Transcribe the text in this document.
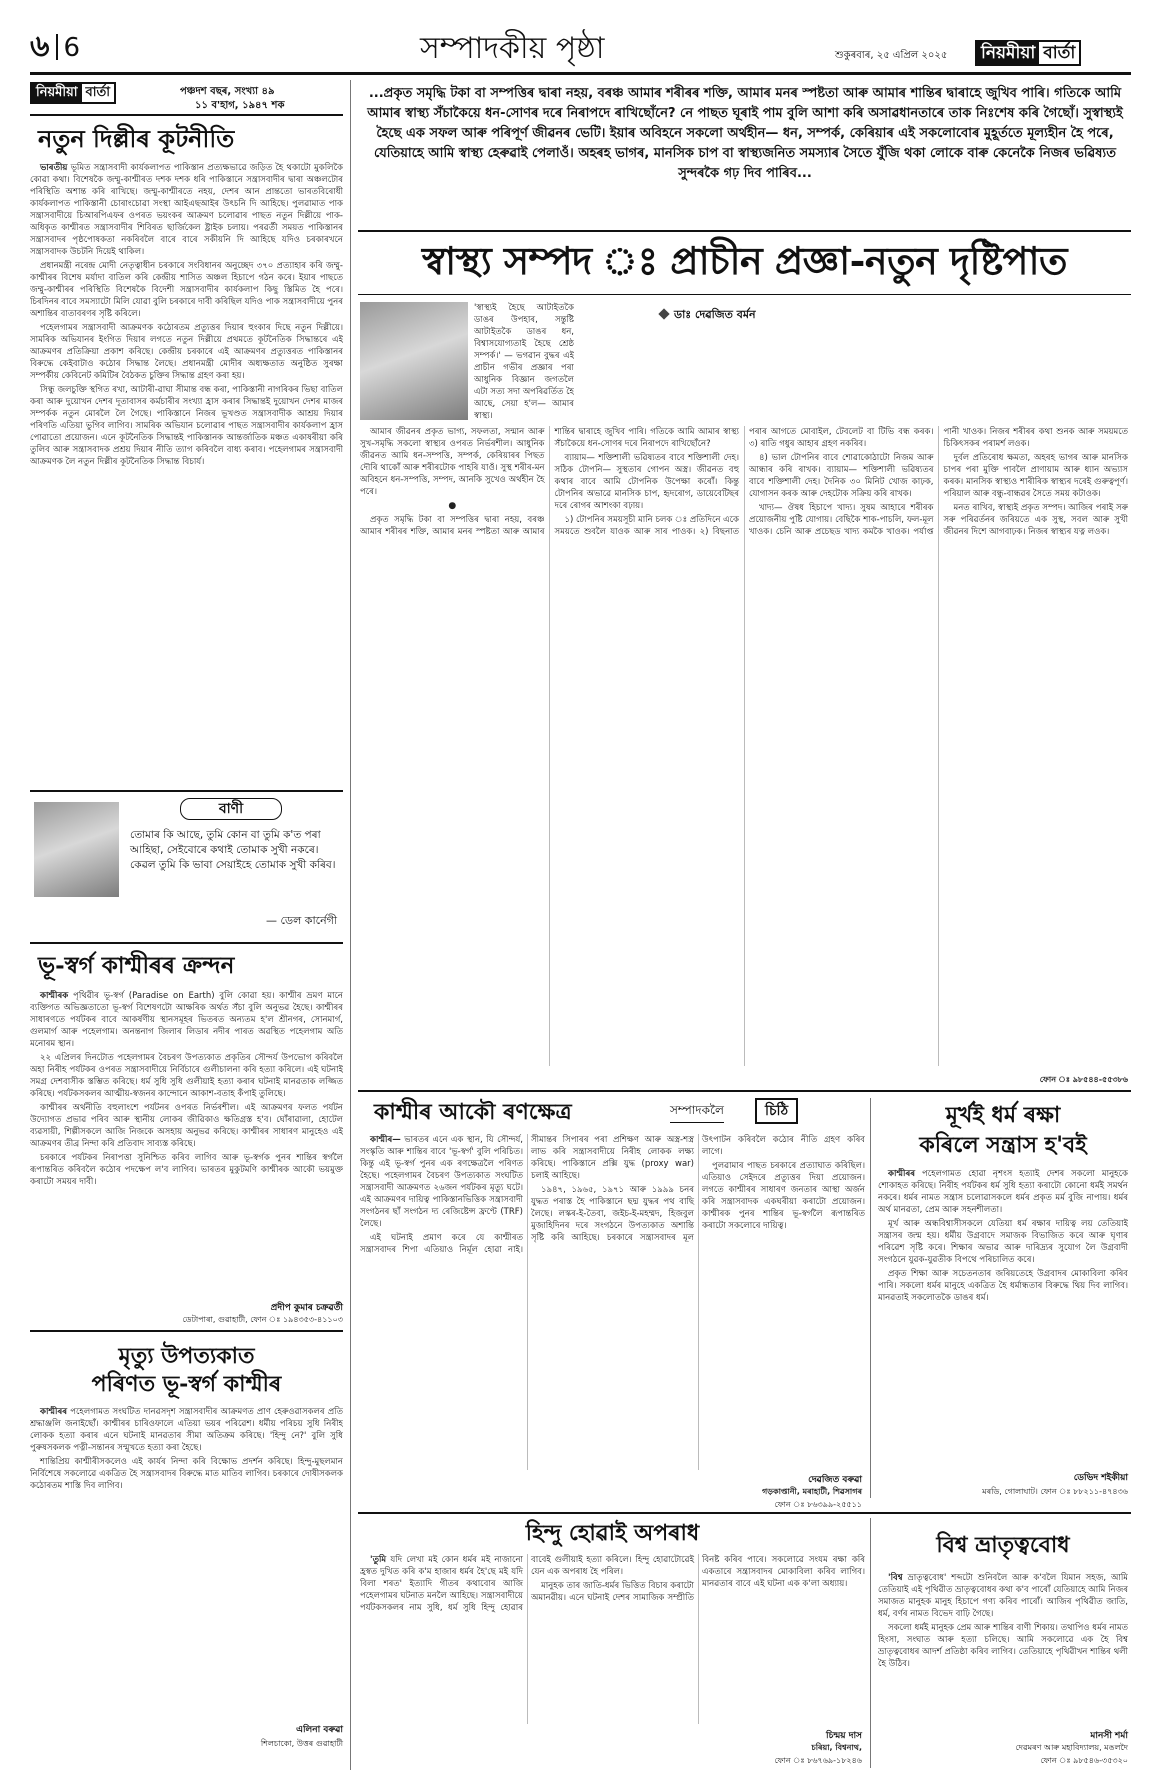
৬ 6	সম্পাদকীয় পৃষ্ঠা	শুকুৰবাৰ, ২৫ এপ্ৰিল ২০২৫ নিয়মীয়া বাৰ্তা
নিয়মীয়া বাৰ্তা	পঞ্চদশ বছৰ, সংখ্যা ৪৯
১১ ব'হাগ, ১৯৪৭ শক
নতুন দিল্লীৰ কূটনীতি

ভাৰতীয় ভূমিত সন্ত্ৰাসবাদী কাৰ্যকলাপত পাকিস্তান প্ৰত্যক্ষভাৱে জড়িত হৈ থকাটো মুকলিকৈ কোৱা কথা। বিশেষকৈ জম্মু-কাশ্মীৰত দশক দশক ধৰি পাকিস্তানে সন্ত্ৰাসবাদীৰ দ্বাৰা অঞ্চলটোৰ পৰিস্থিতি অশান্ত কৰি ৰাখিছে। জম্মু-কাশ্মীৰতে নহয়, দেশৰ আন প্ৰান্ততো ভাৰতবিৰোধী কাৰ্যকলাপত পাকিস্তানী চোৰাংচোৱা সংস্থা আইএছআইৰ উৎচনি দি আহিছে। পুলৱামাত পাক সন্ত্ৰাসবাদীয়ে চিআৰপিএফৰ ওপৰত ভয়ংকৰ আক্ৰমণ চলোৱাৰ পাছত নতুন দিল্লীয়ে পাক-অধিকৃত কাশ্মীৰত সন্ত্ৰাসবাদীৰ শিবিৰত ছাৰ্জিকেল ষ্ট্ৰাইক চলায়। পৰৱৰ্তী সময়ত পাকিস্তানৰ সন্ত্ৰাসবাদৰ পৃষ্ঠপোষকতা নকৰিবলৈ বাৰে বাৰে সকীয়নি দি আহিছে যদিও চৰকাৰখনে সন্ত্ৰাসবাদক উচটনি দিয়েই থাকিল।

প্ৰধানমন্ত্ৰী নৰেন্দ্ৰ মোদী নেতৃত্বাধীন চৰকাৰে সংবিধানৰ অনুচ্ছেদ ৩৭০ প্ৰত্যাহাৰ কৰি জম্মু-কাশ্মীৰৰ বিশেষ মৰ্যাদা বাতিল কৰি কেন্দ্ৰীয় শাসিত অঞ্চল হিচাপে গঠন কৰে। ইয়াৰ পাছতে জম্মু-কাশ্মীৰৰ পৰিস্থিতি বিশেষকৈ বিদেশী সন্ত্ৰাসবাদীৰ কাৰ্যকলাপ কিছু স্তিমিত হৈ পৰে। চিৰদিনৰ বাবে সমস্যাটো মিলি যোৱা বুলি চৰকাৰে দাবী কৰিছিল যদিও পাক সন্ত্ৰাসবাদীয়ে পুনৰ অশান্তিৰ বাতাবৰণৰ সৃষ্টি কৰিলে।

পহেলগামৰ সন্ত্ৰাসবাদী আক্ৰমণক কঠোৰতম প্ৰত্যুত্তৰ দিয়াৰ হুংকাৰ দিছে নতুন দিল্লীয়ে। সামৰিক অভিযানৰ ইংগিত দিয়াৰ লগতে নতুন দিল্লীয়ে প্ৰথমতে কূটনৈতিক সিদ্ধান্তৰে এই আক্ৰমণৰ প্ৰতিক্ৰিয়া প্ৰকাশ কৰিছে। কেন্দ্ৰীয় চৰকাৰে এই আক্ৰমণৰ প্ৰত্যুত্তৰত পাকিস্তানৰ বিৰুদ্ধে কেইবাটাও কঠোৰ সিদ্ধান্ত লৈছে। প্ৰধানমন্ত্ৰী মোদীৰ অধ্যক্ষতাত অনুষ্ঠিত সুৰক্ষা সম্পৰ্কীয় কেবিনেট কমিটিৰ বৈঠকত চুক্তিৰ সিদ্ধান্ত গ্ৰহণ কৰা হয়।

সিন্ধু জলচুক্তি স্থগিত ৰখা, আটাৰী-ৱাঘা সীমান্ত বন্ধ কৰা, পাকিস্তানী নাগৰিকৰ ভিছা বাতিল কৰা আৰু দুয়োখন দেশৰ দূতাবাসৰ কৰ্মচাৰীৰ সংখ্যা হ্ৰাস কৰাৰ সিদ্ধান্তই দুয়োখন দেশৰ মাজৰ সম্পৰ্কক নতুন মোৰলৈ লৈ গৈছে। পাকিস্তানে নিজৰ ভূখণ্ডত সন্ত্ৰাসবাদীক আশ্ৰয় দিয়াৰ পৰিণতি এতিয়া ভুগিব লাগিব। সামৰিক অভিযান চলোৱাৰ পাছত সন্ত্ৰাসবাদীৰ কাৰ্যকলাপ হ্ৰাস পোৱাতো প্ৰয়োজন। এনে কূটনৈতিক সিদ্ধান্তই পাকিস্তানক আন্তৰ্জাতিক মঞ্চত একাষৰীয়া কৰি তুলিব আৰু সন্ত্ৰাসবাদক প্ৰশ্ৰয় দিয়াৰ নীতি ত্যাগ কৰিবলৈ বাধ্য কৰাব। পহেলগামৰ সন্ত্ৰাসবাদী আক্ৰমণক লৈ নতুন দিল্লীৰ কূটনৈতিক সিদ্ধান্ত বিচাৰ্য।

বাণী
তোমাৰ কি আছে, তুমি কোন বা তুমি ক'ত পৰা আহিছা, সেইবোৰে কথাই তোমাক সুখী নকৰে। কেৱল তুমি কি ভাবা সেয়াইহে তোমাক সুখী কৰিব।
— ডেল কাৰ্নেগী
ভূ-স্বৰ্গ কাশ্মীৰৰ ক্ৰন্দন

কাশ্মীৰক পৃথিৱীৰ ভূ-স্বৰ্গ (Paradise on Earth) বুলি কোৱা হয়। কাশ্মীৰ ভ্ৰমণ মানে ব্যক্তিগত অভিজ্ঞতাতো ভূ-স্বৰ্গ বিশেষণটো আক্ষৰিক অৰ্থত সঁচা বুলি অনুভৱ হৈছে। কাশ্মীৰৰ সাধাৰণতে পৰ্যটকৰ বাবে আকৰ্ষণীয় স্থানসমূহৰ ভিতৰত অন্যতম হ'ল শ্ৰীনগৰ, সোনমাৰ্গ, গুলমাৰ্গ আৰু পহেলগাম। অনন্তনাগ জিলাৰ লিডাৰ নদীৰ পাৰত অৱস্থিত পহেলগাম অতি মনোৰম স্থান।

২২ এপ্ৰিলৰ দিনটোত পহেলগামৰ বৈচৰণ উপত্যকাত প্ৰকৃতিৰ সৌন্দৰ্য উপভোগ কৰিবলৈ অহা নিৰীহ পৰ্যটকৰ ওপৰত সন্ত্ৰাসবাদীয়ে নিৰ্বিচাৰে গুলীচালনা কৰি হত্যা কৰিলে। এই ঘটনাই সমগ্ৰ দেশবাসীক স্তম্ভিত কৰিছে। ধৰ্ম সুধি সুধি গুলীয়াই হত্যা কৰাৰ ঘটনাই মানৱতাক লজ্জিত কৰিছে। পৰ্যটকসকলৰ আত্মীয়-স্বজনৰ কান্দোনে আকাশ-বতাহ কঁপাই তুলিছে।

কাশ্মীৰৰ অৰ্থনীতি বহুলাংশে পৰ্যটনৰ ওপৰত নিৰ্ভৰশীল। এই আক্ৰমণৰ ফলত পৰ্যটন উদ্যোগত প্ৰভাৱ পৰিব আৰু স্থানীয় লোকৰ জীৱিকাও ক্ষতিগ্ৰস্ত হ'ব। ঘোঁৰাৱালা, হোটেল ব্যৱসায়ী, শিল্পীসকলে আজি নিজকে অসহায় অনুভৱ কৰিছে। কাশ্মীৰৰ সাধাৰণ মানুহেও এই আক্ৰমণৰ তীব্ৰ নিন্দা কৰি প্ৰতিবাদ সাব্যস্ত কৰিছে।

চৰকাৰে পৰ্যটকৰ নিৰাপত্তা সুনিশ্চিত কৰিব লাগিব আৰু ভূ-স্বৰ্গক পুনৰ শান্তিৰ স্বৰ্গলৈ ৰূপান্তৰিত কৰিবলৈ কঠোৰ পদক্ষেপ ল'ব লাগিব। ভাৰতৰ মুকুটমণি কাশ্মীৰক আকৌ ভয়মুক্ত কৰাটো সময়ৰ দাবী।

প্ৰদীপ কুমাৰ চক্ৰৱৰ্তী
ডেটাপাৰা, গুৱাহাটী, ফোন ঃ ১৯৪৩৫৩-৪১১০৩
মৃত্যু উপত্যকাত
পৰিণত ভূ-স্বৰ্গ কাশ্মীৰ

কাশ্মীৰৰ পহেলগামত সংঘটিত দানৱসদৃশ সন্ত্ৰাসবাদীৰ আক্ৰমণত প্ৰাণ হেৰুওৱাসকলৰ প্ৰতি শ্ৰদ্ধাঞ্জলি জনাইছোঁ। কাশ্মীৰৰ চাৰিওফালে এতিয়া ভয়ৰ পৰিৱেশ। ধৰ্মীয় পৰিচয় সুধি নিৰীহ লোকক হত্যা কৰাৰ এনে ঘটনাই মানৱতাৰ সীমা অতিক্ৰম কৰিছে। 'হিন্দু নে?' বুলি সুধি পুৰুষসকলক পত্নী-সন্তানৰ সন্মুখতে হত্যা কৰা হৈছে।

শান্তিপ্ৰিয় কাশ্মীৰীসকলেও এই কাৰ্যৰ নিন্দা কৰি বিক্ষোভ প্ৰদৰ্শন কৰিছে। হিন্দু-মুছলমান নিৰ্বিশেষে সকলোৱে একত্ৰিত হৈ সন্ত্ৰাসবাদৰ বিৰুদ্ধে মাত মাতিব লাগিব। চৰকাৰে দোষীসকলক কঠোৰতম শাস্তি দিব লাগিব।

এলিনা বৰুৱা
শিলচাকো, উত্তৰ গুৱাহাটী
...প্ৰকৃত সমৃদ্ধি টকা বা সম্পত্তিৰ দ্বাৰা নহয়, বৰঞ্চ আমাৰ শৰীৰৰ শক্তি, আমাৰ মনৰ স্পষ্টতা আৰু আমাৰ শান্তিৰ দ্বাৰাহে জুখিব পাৰি। গতিকে আমি আমাৰ স্বাস্থ্য সঁচাকৈয়ে ধন-সোণৰ দৰে নিৰাপদে ৰাখিছোঁনে? নে পাছত ঘূৰাই পাম বুলি আশা কৰি অসাৱধানতাৰে তাক নিঃশেষ কৰি গৈছোঁ। সুস্বাস্থ্যই হৈছে এক সফল আৰু পৰিপূৰ্ণ জীৱনৰ ভেটি। ইয়াৰ অবিহনে সকলো অৰ্থহীন— ধন, সম্পৰ্ক, কেৰিয়াৰ এই সকলোবোৰ মুহূৰ্ততে মূল্যহীন হৈ পৰে, যেতিয়াহে আমি স্বাস্থ্য হেৰুৱাই পেলাওঁ। অহৰহ ভাগৰ, মানসিক চাপ বা স্বাস্থ্যজনিত সমস্যাৰ সৈতে যুঁজি থকা লোকে বাৰু কেনেকৈ নিজৰ ভৱিষ্যত সুন্দৰকৈ গঢ় দিব পাৰিব...
স্বাস্থ্য সম্পদ ঃ প্ৰাচীন প্ৰজ্ঞা-নতুন দৃষ্টিপাত

'স্বাস্থ্যই হৈছে আটাইতকৈ ডাঙৰ উপহাৰ, সন্তুষ্টি আটাইতকৈ ডাঙৰ ধন, বিশ্বাসযোগ্যতাই হৈছে শ্ৰেষ্ঠ সম্পৰ্ক।' — ভগৱান বুদ্ধৰ এই প্ৰাচীন গভীৰ প্ৰজ্ঞাৰ পৰা আধুনিক বিজ্ঞান জগতলৈ এটা সত্য সদা অপৰিৱৰ্তিত হৈ আছে, সেয়া হ'ল— আমাৰ স্বাস্থ্য।

ডাঃ দেৱজিত বৰ্মন

আমাৰ জীৱনৰ প্ৰকৃত ভাগ্য, সফলতা, সন্মান আৰু সুখ-সমৃদ্ধি সকলো স্বাস্থ্যৰ ওপৰত নিৰ্ভৰশীল। আধুনিক জীৱনত আমি ধন-সম্পত্তি, সম্পৰ্ক, কেৰিয়াৰৰ পিছত দৌৰি থাকোঁ আৰু শৰীৰটোক পাহৰি যাওঁ। সুস্থ শৰীৰ-মন অবিহনে ধন-সম্পত্তি, সম্পদ, আনকি সুখেও অৰ্থহীন হৈ পৰে।

●

প্ৰকৃত সমৃদ্ধি টকা বা সম্পত্তিৰ দ্বাৰা নহয়, বৰঞ্চ আমাৰ শৰীৰৰ শক্তি, আমাৰ মনৰ স্পষ্টতা আৰু আমাৰ শান্তিৰ দ্বাৰাহে জুখিব পাৰি। গতিকে আমি আমাৰ স্বাস্থ্য সঁচাকৈয়ে ধন-সোণৰ দৰে নিৰাপদে ৰাখিছোঁনে?

ব্যায়াম— শক্তিশালী ভৱিষ্যতৰ বাবে শক্তিশালী দেহ। সঠিক টোপনি— সুস্থতাৰ গোপন অস্ত্ৰ। জীৱনত বহু কথাৰ বাবে আমি টোপনিক উপেক্ষা কৰোঁ। কিন্তু টোপনিৰ অভাৱে মানসিক চাপ, হৃদৰোগ, ডায়েবেটিছৰ দৰে ৰোগৰ আশংকা বঢ়ায়।

১) টোপনিৰ সময়সূচী মানি চলক ঃ প্ৰতিদিনে একে সময়তে শুবলৈ যাওক আৰু সাৰ পাওক। ২) বিছনাত পৰাৰ আগতে মোবাইল, টেবলেট বা টিভি বন্ধ কৰক। ৩) ৰাতি গধুৰ আহাৰ গ্ৰহণ নকৰিব।

৪) ভাল টোপনিৰ বাবে শোৱাকোঠাটো নিজম আৰু আন্ধাৰ কৰি ৰাখক। ব্যায়াম— শক্তিশালী ভৱিষ্যতৰ বাবে শক্তিশালী দেহ। দৈনিক ৩০ মিনিট খোজ কাঢ়ক, যোগাসন কৰক আৰু দেহটোক সক্ৰিয় কৰি ৰাখক।

খাদ্য— ঔষধ হিচাপে খাদ্য। সুষম আহাৰে শৰীৰক প্ৰয়োজনীয় পুষ্টি যোগায়। বেছিকৈ শাক-পাচলি, ফল-মূল খাওক। চেনি আৰু প্ৰচেছড খাদ্য কমকৈ খাওক। পৰ্যাপ্ত পানী খাওক। নিজৰ শৰীৰৰ কথা শুনক আৰু সময়মতে চিকিৎসকৰ পৰামৰ্শ লওক।

দুৰ্বল প্ৰতিৰোধ ক্ষমতা, অহৰহ ভাগৰ আৰু মানসিক চাপৰ পৰা মুক্তি পাবলৈ প্ৰাণায়াম আৰু ধ্যান অভ্যাস কৰক। মানসিক স্বাস্থ্যও শাৰীৰিক স্বাস্থ্যৰ দৰেই গুৰুত্বপূৰ্ণ। পৰিয়াল আৰু বন্ধু-বান্ধৱৰ সৈতে সময় কটাওক।

মনত ৰাখিব, স্বাস্থ্যই প্ৰকৃত সম্পদ। আজিৰ পৰাই সৰু সৰু পৰিৱৰ্তনৰ জৰিয়তে এক সুস্থ, সবল আৰু সুখী জীৱনৰ দিশে আগবাঢ়ক। নিজৰ স্বাস্থ্যৰ যত্ন লওক।

ফোন ঃ ৯৮৫৪৪-৫৫৩৮৬
কাশ্মীৰ আকৌ ৰণক্ষেত্ৰ	সম্পাদকলৈ	চিঠি

কাশ্মীৰ— ভাৰতৰ এনে এক স্থান, যি সৌন্দৰ্য, সংস্কৃতি আৰু শান্তিৰ বাবে 'ভূ-স্বৰ্গ' বুলি পৰিচিত। কিন্তু এই ভূ-স্বৰ্গ পুনৰ এক ৰণক্ষেত্ৰলৈ পৰিণত হৈছে। পহেলগামৰ বৈচৰণ উপত্যকাত সংঘটিত সন্ত্ৰাসবাদী আক্ৰমণত ২৬জন পৰ্যটকৰ মৃত্যু ঘটে। এই আক্ৰমণৰ দায়িত্ব পাকিস্তানভিত্তিক সন্ত্ৰাসবাদী সংগঠনৰ ছাঁ সংগঠন দ্য ৰেজিষ্টেন্স ফ্ৰণ্টে (TRF) লৈছে।

এই ঘটনাই প্ৰমাণ কৰে যে কাশ্মীৰত সন্ত্ৰাসবাদৰ শিপা এতিয়াও নিৰ্মূল হোৱা নাই। সীমান্তৰ সিপাৰৰ পৰা প্ৰশিক্ষণ আৰু অস্ত্ৰ-শস্ত্ৰ লাভ কৰি সন্ত্ৰাসবাদীয়ে নিৰীহ লোকক লক্ষ্য কৰিছে। পাকিস্তানে প্ৰক্সি যুদ্ধ (proxy war) চলাই আহিছে।

১৯৪৭, ১৯৬৫, ১৯৭১ আৰু ১৯৯৯ চনৰ যুদ্ধত পৰাস্ত হৈ পাকিস্তানে ছদ্ম যুদ্ধৰ পথ বাছি লৈছে। লস্কৰ-ই-তৈবা, জইচ-ই-মহম্মদ, হিজবুল মুজাহিদিনৰ দৰে সংগঠনে উপত্যকাত অশান্তি সৃষ্টি কৰি আহিছে। চৰকাৰে সন্ত্ৰাসবাদৰ মূল উৎপাটন কৰিবলৈ কঠোৰ নীতি গ্ৰহণ কৰিব লাগে।

পুলৱামাৰ পাছত চৰকাৰে প্ৰত্যাঘাত কৰিছিল। এতিয়াও সেইদৰে প্ৰত্যুত্তৰ দিয়া প্ৰয়োজন। লগতে কাশ্মীৰৰ সাধাৰণ জনতাৰ আস্থা অৰ্জন কৰি সন্ত্ৰাসবাদক একঘৰীয়া কৰাটো প্ৰয়োজন। কাশ্মীৰক পুনৰ শান্তিৰ ভূ-স্বৰ্গলৈ ৰূপান্তৰিত কৰাটো সকলোৰে দায়িত্ব।

দেৱজিত বৰুৱা
গড়কাপ্তানী, মৰাহাটী, শিৱসাগৰ
ফোন ঃ ৮৬৩৯৯-২৫৫১১
মূৰ্খই ধৰ্ম ৰক্ষা
কৰিলে সন্ত্ৰাস হ'বই

কাশ্মীৰৰ পহেলগামত হোৱা নৃশংস হত্যাই দেশৰ সকলো মানুহকে শোকাহত কৰিছে। নিৰীহ পৰ্যটকৰ ধৰ্ম সুধি হত্যা কৰাটো কোনো ধৰ্মই সমৰ্থন নকৰে। ধৰ্মৰ নামত সন্ত্ৰাস চলোৱাসকলে ধৰ্মৰ প্ৰকৃত মৰ্ম বুজি নাপায়। ধৰ্মৰ অৰ্থ মানৱতা, প্ৰেম আৰু সহনশীলতা।

মূৰ্খ আৰু অন্ধবিশ্বাসীসকলে যেতিয়া ধৰ্ম ৰক্ষাৰ দায়িত্ব লয় তেতিয়াই সন্ত্ৰাসৰ জন্ম হয়। ধৰ্মীয় উগ্ৰবাদে সমাজক বিভাজিত কৰে আৰু ঘৃণাৰ পৰিৱেশ সৃষ্টি কৰে। শিক্ষাৰ অভাৱ আৰু দাৰিদ্ৰ্যৰ সুযোগ লৈ উগ্ৰবাদী সংগঠনে যুৱক-যুৱতীক বিপথে পৰিচালিত কৰে।

প্ৰকৃত শিক্ষা আৰু সচেতনতাৰ জৰিয়তেহে উগ্ৰবাদৰ মোকাবিলা কৰিব পাৰি। সকলো ধৰ্মৰ মানুহে একত্ৰিত হৈ ধৰ্মান্ধতাৰ বিৰুদ্ধে থিয় দিব লাগিব। মানৱতাই সকলোতকৈ ডাঙৰ ধৰ্ম।

ডেভিদ শইকীয়া
মৰডি, গোলাঘাট। ফোন ঃ ৮৮২১১-৪৭৪৩৬
হিন্দু হোৱাই অপৰাধ

'তুমি যদি লেখা মই কোন ধৰ্মৰ মই নাজানো হ্ৰস্বত দুখিত কৰি ক'ম হাজাৰ ধৰ্মৰ হৈ'ছে মই যদি বিলা শৰত' ইত্যাদি গীতৰ কথাবোৰ আজি পহেলগামৰ ঘটনাত মনলৈ আহিছে। সন্ত্ৰাসবাদীয়ে পৰ্যটকসকলৰ নাম সুধি, ধৰ্ম সুধি হিন্দু হোৱাৰ বাবেই গুলীয়াই হত্যা কৰিলে। হিন্দু হোৱাটোৱেই যেন এক অপৰাধ হৈ পৰিল।

মানুহক তাৰ জাতি-ধৰ্মৰ ভিত্তিত বিচাৰ কৰাটো অমানৱীয়। এনে ঘটনাই দেশৰ সামাজিক সম্প্ৰীতি বিনষ্ট কৰিব পাৰে। সকলোৱে সংযম ৰক্ষা কৰি একতাৰে সন্ত্ৰাসবাদৰ মোকাবিলা কৰিব লাগিব। মানৱতাৰ বাবে এই ঘটনা এক ক'লা অধ্যায়।

চিন্ময় দাস
চৰিয়া, বিশ্বনাথ,
ফোন ঃ ৮৬৭৬৯-১৮২৪৬
বিশ্ব ভ্ৰাতৃত্ববোধ

'বিশ্ব ভ্ৰাতৃত্ববোধ' শব্দটো শুনিবলৈ আৰু ক'বলৈ যিমান সহজ, আমি তেতিয়াই এই পৃথিৱীত ভ্ৰাতৃত্ববোধৰ কথা ক'ব পাৰোঁ যেতিয়াহে আমি নিজৰ সমাজত মানুহক মানুহ হিচাপে গণ্য কৰিব পাৰোঁ। আজিৰ পৃথিৱীত জাতি, ধৰ্ম, বৰ্ণৰ নামত বিভেদ বাঢ়ি গৈছে।

সকলো ধৰ্মই মানুহক প্ৰেম আৰু শান্তিৰ বাণী শিকায়। তথাপিও ধৰ্মৰ নামত হিংসা, সংঘাত আৰু হত্যা চলিছে। আমি সকলোৱে এক হৈ বিশ্ব ভ্ৰাতৃত্ববোধৰ আদৰ্শ প্ৰতিষ্ঠা কৰিব লাগিব। তেতিয়াহে পৃথিৱীখন শান্তিৰ থলী হৈ উঠিব।

মানসী শৰ্মা
দেৱমৰণ আৰু মহাবিদ্যালয়, মঙলদৈ
ফোন ঃ ৯৮৫৪৬-৩৫৩২০
